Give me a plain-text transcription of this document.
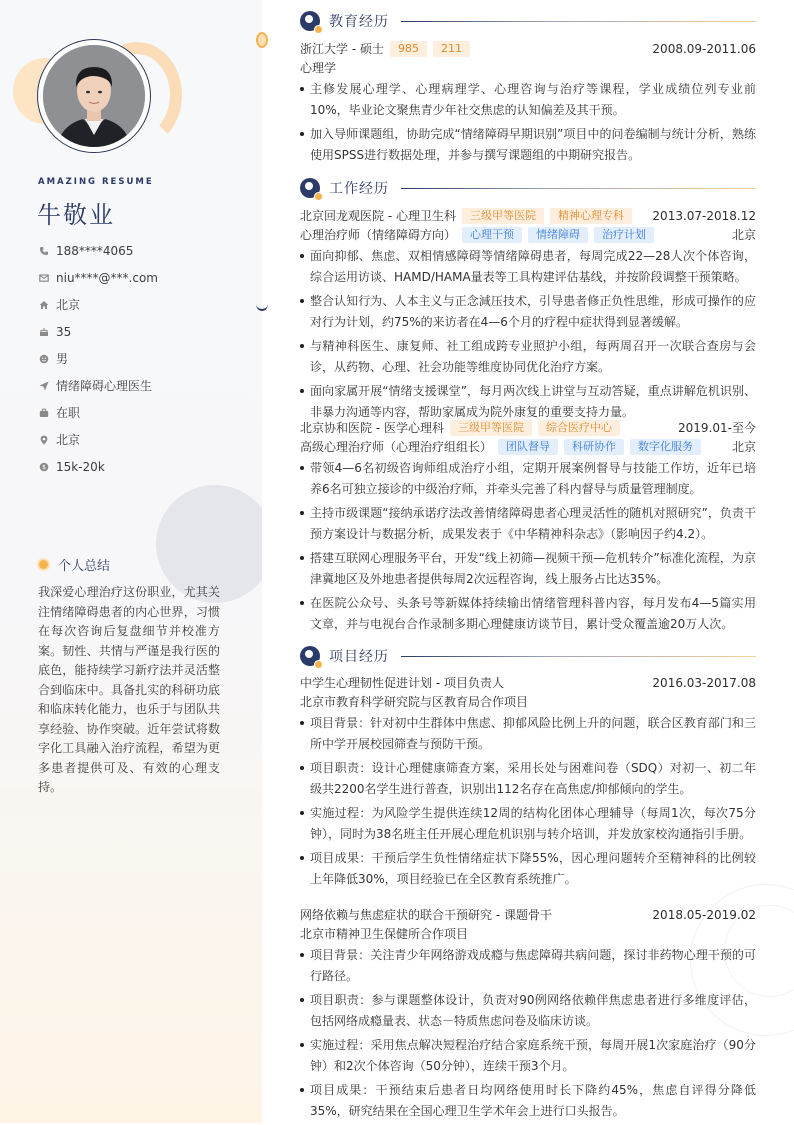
AMAZING RESUME
牛敬业
188****4065
niu****@***.com
北京
35
男
情绪障碍心理医生
在职
北京
$ 15k-20k
个人总结
我深爱心理治疗这份职业，尤其关注情绪障碍患者的内心世界，习惯在每次咨询后复盘细节并校准方案。韧性、共情与严谨是我行医的底色，能持续学习新疗法并灵活整合到临床中。具备扎实的科研功底和临床转化能力，也乐于与团队共享经验、协作突破。近年尝试将数字化工具融入治疗流程，希望为更多患者提供可及、有效的心理支持。
教育经历
浙江大学 - 硕士	985	211	2008.09-2011.06
心理学
主修发展心理学、心理病理学、心理咨询与治疗等课程，学业成绩位列专业前10%，毕业论文聚焦青少年社交焦虑的认知偏差及其干预。
加入导师课题组，协助完成“情绪障碍早期识别”项目中的问卷编制与统计分析，熟练使用SPSS进行数据处理，并参与撰写课题组的中期研究报告。
工作经历
北京回龙观医院 - 心理卫生科	三级甲等医院	精神心理专科	2013.07-2018.12
心理治疗师（情绪障碍方向）	心理干预	情绪障碍	治疗计划	北京
面向抑郁、焦虑、双相情感障碍等情绪障碍患者，每周完成22—28人次个体咨询，综合运用访谈、HAMD/HAMA量表等工具构建评估基线，并按阶段调整干预策略。
整合认知行为、人本主义与正念減压技术，引导患者修正负性思维，形成可操作的应对行为计划，约75%的来访者在4—6个月的疗程中症状得到显著缓解。
与精神科医生、康复师、社工组成跨专业照护小组，每两周召开一次联合查房与会诊，从药物、心理、社会功能等维度协同优化治疗方案。
面向家属开展“情绪支援课堂”，每月两次线上讲堂与互动答疑，重点讲解危机识别、非暴力沟通等内容，帮助家属成为院外康复的重要支持力量。
北京协和医院 - 医学心理科	三级甲等医院	综合医疗中心	2019.01-至今
高级心理治疗师（心理治疗组组长）	团队督导	科研协作	数字化服务	北京
带领4—6名初级咨询师组成治疗小组，定期开展案例督导与技能工作坊，近年已培养6名可独立接诊的中级治疗师，并牵头完善了科内督导与质量管理制度。
主持市级课题“接纳承诺疗法改善情绪障碍患者心理灵活性的随机对照研究”，负责干预方案设计与数据分析，成果发表于《中华精神科杂志》（影响因子约4.2）。
搭建互联网心理服务平台，开发“线上初筛—视频干预—危机转介”标准化流程，为京津冀地区及外地患者提供每周2次远程咨询，线上服务占比达35%。
在医院公众号、头条号等新媒体持续输出情绪管理科普内容，每月发布4—5篇实用文章，并与电视台合作录制多期心理健康访谈节目，累计受众覆盖逾20万人次。
项目经历
中学生心理韧性促进计划 - 项目负责人	2016.03-2017.08
北京市教育科学研究院与区教育局合作项目
项目背景：针对初中生群体中焦虑、抑郁风险比例上升的问题，联合区教育部门和三所中学开展校园筛查与预防干预。
项目职责：设计心理健康筛查方案，采用长处与困难问卷（SDQ）对初一、初二年级共2200名学生进行普查，识别出112名存在高焦虑/抑郁倾向的学生。
实施过程：为风险学生提供连续12周的结构化团体心理辅导（每周1次，每次75分钟），同时为38名班主任开展心理危机识别与转介培训，并发放家校沟通指引手册。
项目成果：干预后学生负性情绪症状下降55%，因心理问题转介至精神科的比例较上年降低30%，项目经验已在全区教育系统推广。
网络依赖与焦虑症状的联合干预研究 - 课题骨干	2018.05-2019.02
北京市精神卫生保健所合作项目
项目背景：关注青少年网络游戏成瘾与焦虑障碍共病问题，探讨非药物心理干预的可行路径。
项目职责：参与课题整体设计，负责对90例网络依赖伴焦虑患者进行多维度评估，包括网络成瘾量表、状态－特质焦虑问卷及临床访谈。
实施过程：采用焦点解决短程治疗结合家庭系统干预，每周开展1次家庭治疗（90分钟）和2次个体咨询（50分钟），连续干预3个月。
项目成果：干预结束后患者日均网络使用时长下降约45%，焦虑自评得分降低35%，研究结果在全国心理卫生学术年会上进行口头报告。
